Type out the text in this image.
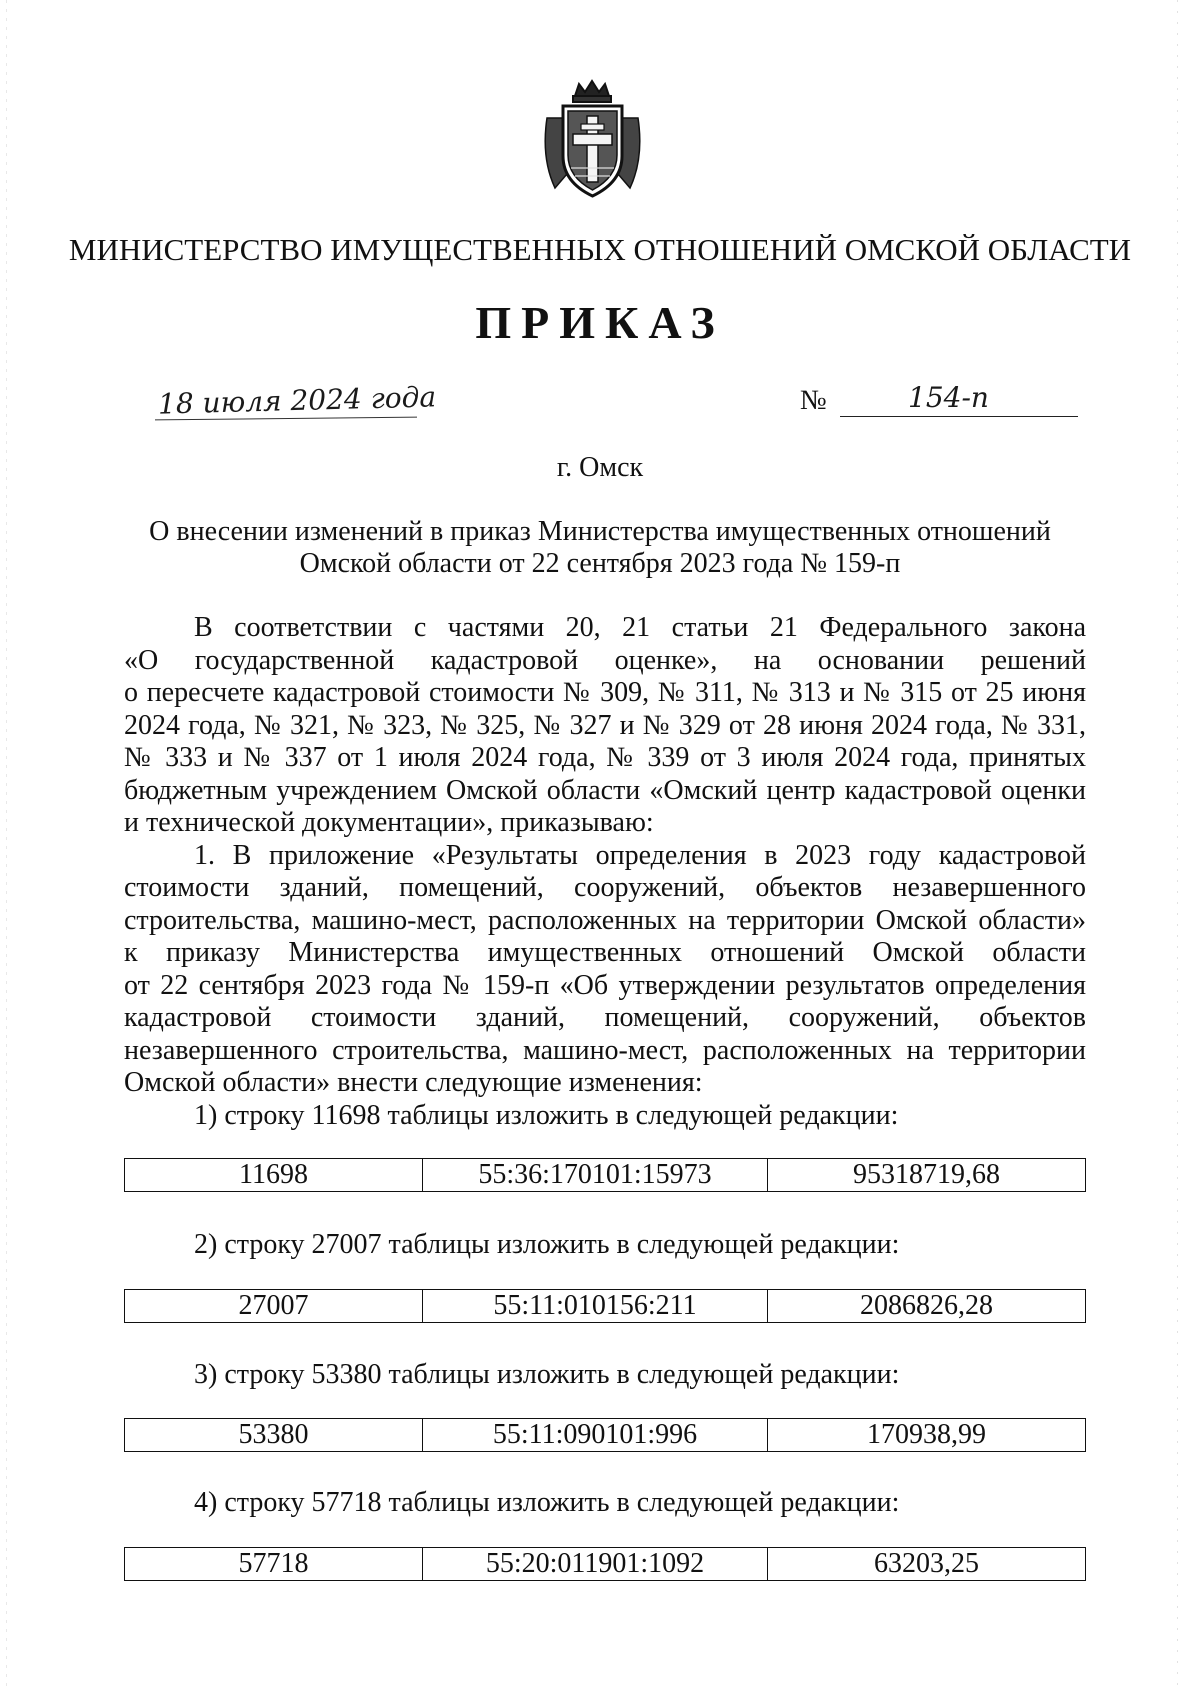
МИНИСТЕРСТВО ИМУЩЕСТВЕННЫХ ОТНОШЕНИЙ ОМСКОЙ ОБЛАСТИ
ПРИКАЗ
18 июля 2024 года	№	154-п
г. Омск
О внесении изменений в приказ Министерства имущественных отношений
Омской области от 22 сентября 2023 года № 159-п
В соответствии с частями 20, 21 статьи 21 Федерального закона
«О государственной кадастровой оценке», на основании решений
о пересчете кадастровой стоимости № 309, № 311, № 313 и № 315 от 25 июня
2024 года, № 321, № 323, № 325, № 327 и № 329 от 28 июня 2024 года, № 331,
№ 333 и № 337 от 1 июля 2024 года, № 339 от 3 июля 2024 года, принятых
бюджетным учреждением Омской области «Омский центр кадастровой оценки
и технической документации», приказываю:
1. В приложение «Результаты определения в 2023 году кадастровой
стоимости зданий, помещений, сооружений, объектов незавершенного
строительства, машино-мест, расположенных на территории Омской области»
к приказу Министерства имущественных отношений Омской области
от 22 сентября 2023 года № 159-п «Об утверждении результатов определения
кадастровой стоимости зданий, помещений, сооружений, объектов
незавершенного строительства, машино-мест, расположенных на территории
Омской области» внести следующие изменения:
1) строку 11698 таблицы изложить в следующей редакции:
11698	55:36:170101:15973	95318719,68
2) строку 27007 таблицы изложить в следующей редакции:
27007	55:11:010156:211	2086826,28
3) строку 53380 таблицы изложить в следующей редакции:
53380	55:11:090101:996	170938,99
4) строку 57718 таблицы изложить в следующей редакции:
57718	55:20:011901:1092	63203,25
